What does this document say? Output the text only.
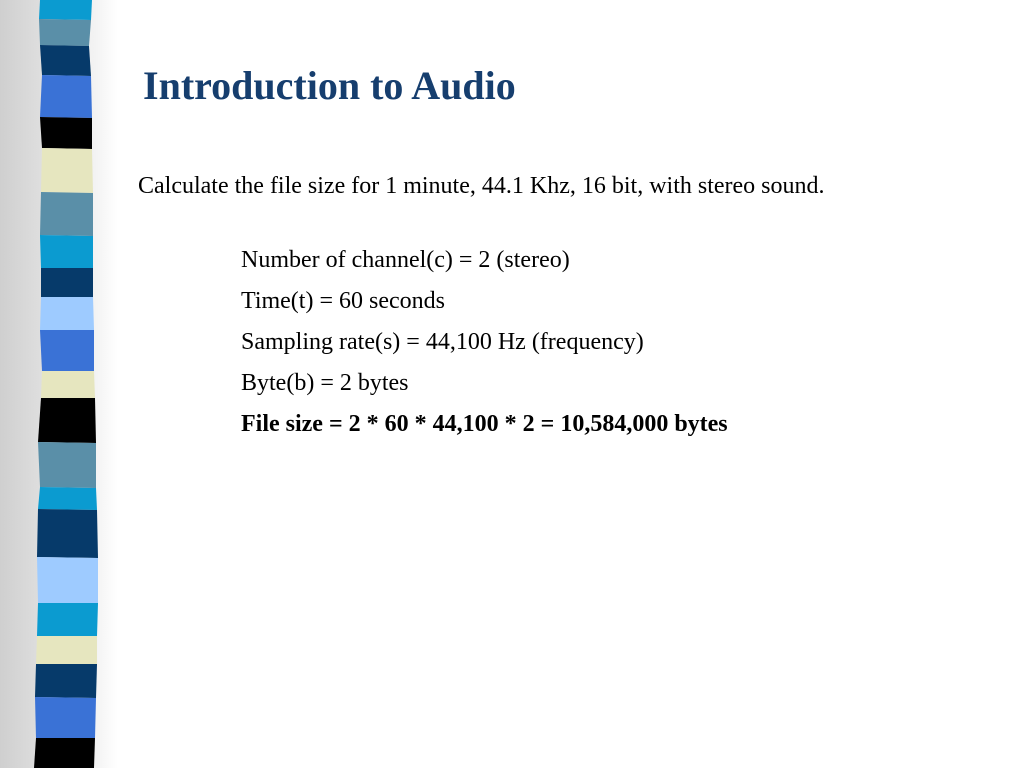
Introduction to Audio

Calculate the file size for 1 minute, 44.1 Khz, 16 bit, with stereo sound.

Number of channel(c) = 2 (stereo)
Time(t) = 60 seconds
Sampling rate(s) = 44,100 Hz (frequency)
Byte(b) = 2 bytes
File size = 2 * 60 * 44,100 * 2 = 10,584,000 bytes
